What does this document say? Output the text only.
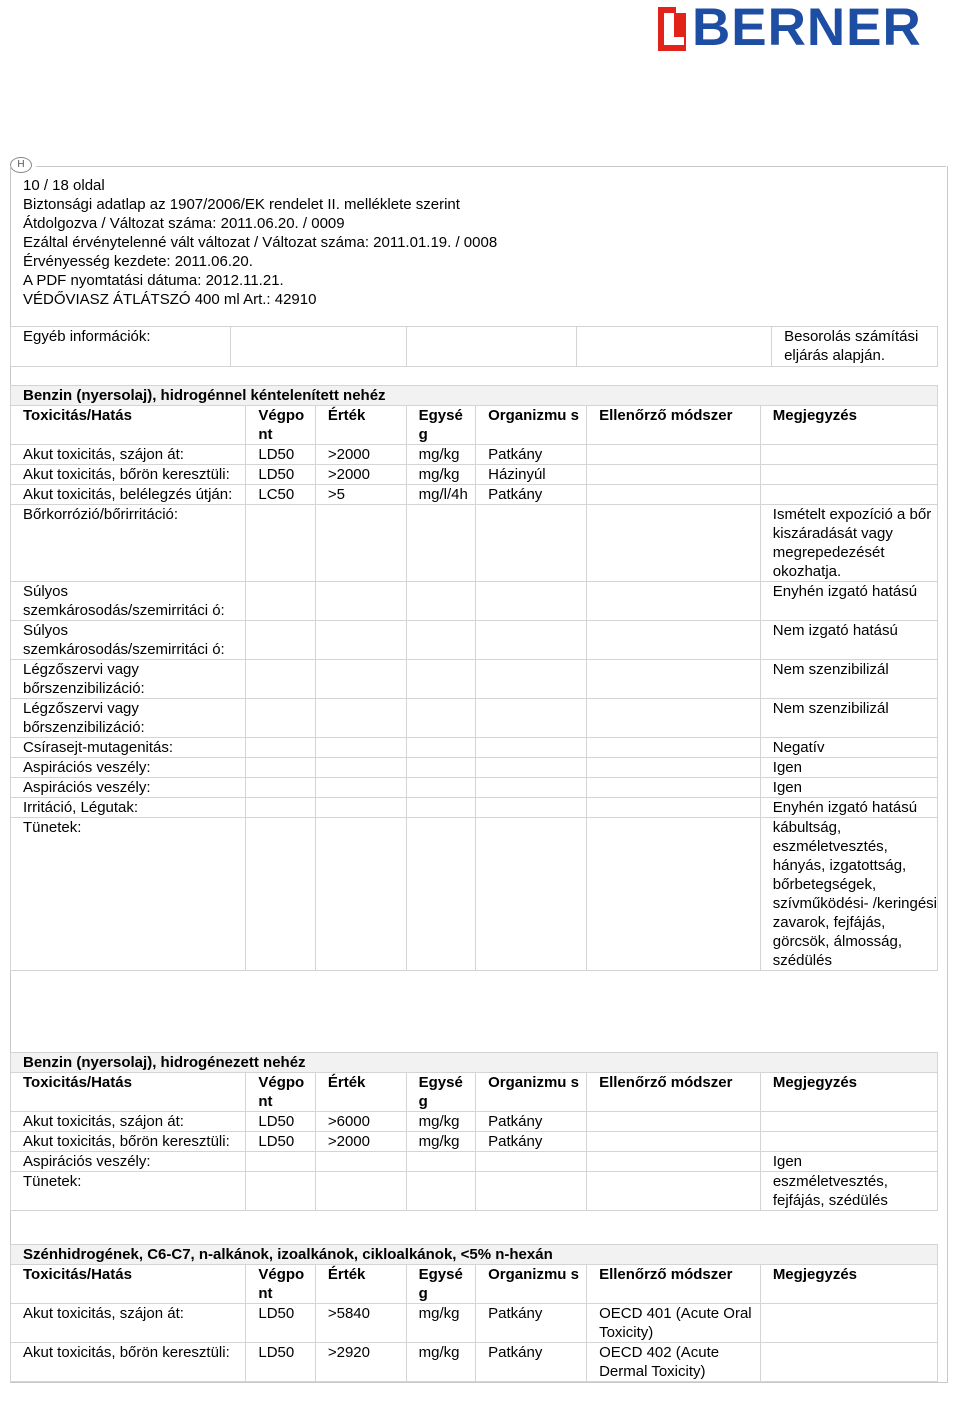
BERNER
H
10 / 18 oldal
Biztonsági adatlap az 1907/2006/EK rendelet II. melléklete szerint
Átdolgozva / Változat száma: 2011.06.20. / 0009
Ezáltal érvénytelenné vált változat / Változat száma: 2011.01.19. / 0008
Érvényesség kezdete: 2011.06.20.
A PDF nyomtatási dátuma: 2012.11.21.
VÉDŐVIASZ ÁTLÁTSZÓ 400 ml Art.: 42910
Egyéb információk:				Besorolás számítási eljárás alapján.
Benzin (nyersolaj), hidrogénnel kéntelenített nehéz						
Toxicitás/Hatás	Végpo nt	Érték	Egysé g	Organizmu s	Ellenőrző módszer	Megjegyzés
Akut toxicitás, szájon át:	LD50	>2000	mg/kg	Patkány		
Akut toxicitás, bőrön keresztüli:	LD50	>2000	mg/kg	Házinyúl		
Akut toxicitás, belélegzés útján:	LC50	>5	mg/l/4h	Patkány		
Bőrkorrózió/bőrirritáció:						Ismételt expozíció a bőr kiszáradását vagy megrepedezését okozhatja.
Súlyos szemkárosodás/szemirritáci ó:						Enyhén izgató hatású
Súlyos szemkárosodás/szemirritáci ó:						Nem izgató hatású
Légzőszervi vagy bőrszenzibilizáció:						Nem szenzibilizál
Légzőszervi vagy bőrszenzibilizáció:						Nem szenzibilizál
Csírasejt-mutagenitás:						Negatív
Aspirációs veszély:						Igen
Aspirációs veszély:						Igen
Irritáció, Légutak:						Enyhén izgató hatású
Tünetek:						kábultság, eszméletvesztés, hányás, izgatottság, bőrbetegségek, szívműködési- /keringési zavarok, fejfájás, görcsök, álmosság, szédülés
Benzin (nyersolaj), hidrogénezett nehéz						
Toxicitás/Hatás	Végpo nt	Érték	Egysé g	Organizmu s	Ellenőrző módszer	Megjegyzés
Akut toxicitás, szájon át:	LD50	>6000	mg/kg	Patkány		
Akut toxicitás, bőrön keresztüli:	LD50	>2000	mg/kg	Patkány		
Aspirációs veszély:						Igen
Tünetek:						eszméletvesztés, fejfájás, szédülés
Szénhidrogének, C6-C7, n-alkánok, izoalkánok, cikloalkánok, <5% n-hexán						
Toxicitás/Hatás	Végpo nt	Érték	Egysé g	Organizmu s	Ellenőrző módszer	Megjegyzés
Akut toxicitás, szájon át:	LD50	>5840	mg/kg	Patkány	OECD 401 (Acute Oral Toxicity)	
Akut toxicitás, bőrön keresztüli:	LD50	>2920	mg/kg	Patkány	OECD 402 (Acute Dermal Toxicity)	
